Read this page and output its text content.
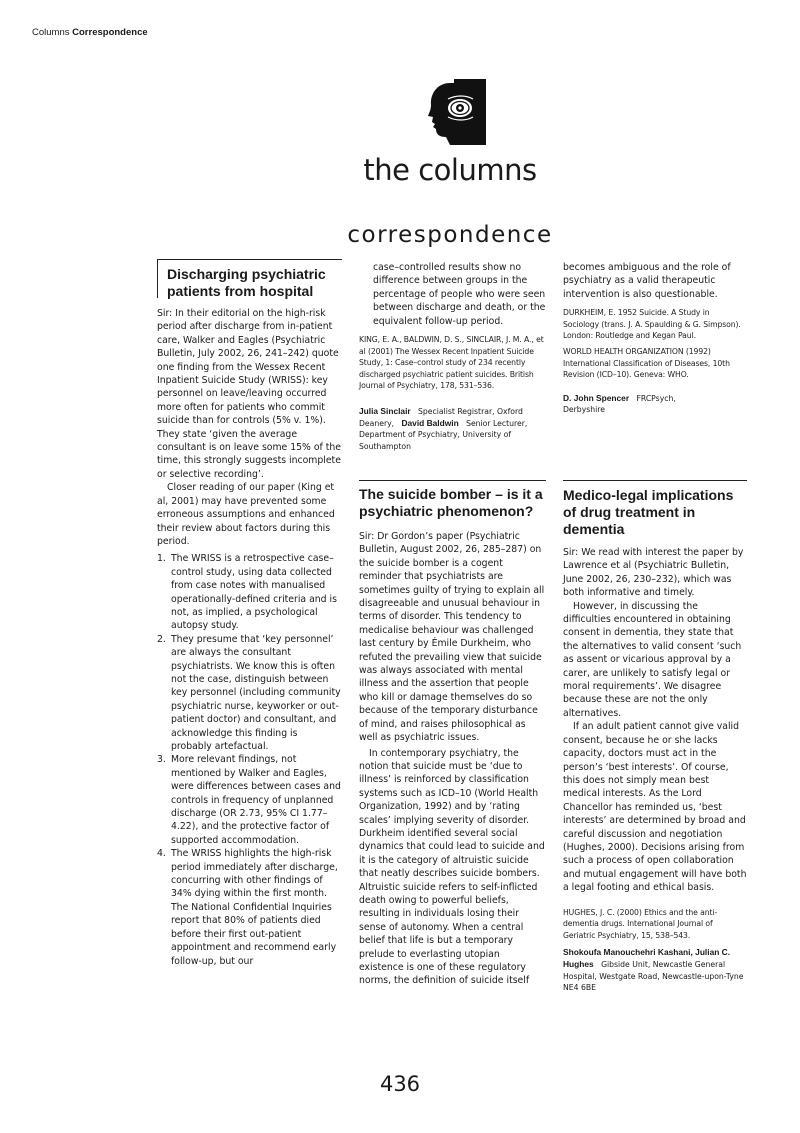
Columns Correspondence
the columns
correspondence
Discharging psychiatric patients from hospital

Sir: In their editorial on the high-risk period after discharge from in-patient care, Walker and Eagles (Psychiatric Bulletin, July 2002, 26, 241–242) quote one finding from the Wessex Recent Inpatient Suicide Study (WRISS): key personnel on leave/leaving occurred more often for patients who commit suicide than for controls (5% v. 1%). They state ‘given the average consultant is on leave some 15% of the time, this strongly suggests incomplete or selective recording’.

Closer reading of our paper (King et al, 2001) may have prevented some erroneous assumptions and enhanced their review about factors during this period.

1. The WRISS is a retrospective case–control study, using data collected from case notes with manualised operationally-defined criteria and is not, as implied, a psychological autopsy study.
2. They presume that ‘key personnel’ are always the consultant psychiatrists. We know this is often not the case, distinguish between key personnel (including community psychiatric nurse, keyworker or out-patient doctor) and consultant, and acknowledge this finding is probably artefactual.
3. More relevant findings, not mentioned by Walker and Eagles, were differences between cases and controls in frequency of unplanned discharge (OR 2.73, 95% CI 1.77–4.22), and the protective factor of supported accommodation.
4. The WRISS highlights the high-risk period immediately after discharge, concurring with other findings of 34% dying within the first month. The National Confidential Inquiries report that 80% of patients died before their first out-patient appointment and recommend early follow-up, but our

case–controlled results show no difference between groups in the percentage of people who were seen between discharge and death, or the equivalent follow-up period.

KING, E. A., BALDWIN, D. S., SINCLAIR, J. M. A., et al (2001) The Wessex Recent Inpatient Suicide Study, 1: Case–control study of 234 recently discharged psychiatric patient suicides. British Journal of Psychiatry, 178, 531–536.

Julia Sinclair Specialist Registrar, Oxford Deanery, David Baldwin Senior Lecturer, Department of Psychiatry, University of Southampton
The suicide bomber – is it a psychiatric phenomenon?

Sir: Dr Gordon’s paper (Psychiatric Bulletin, August 2002, 26, 285–287) on the suicide bomber is a cogent reminder that psychiatrists are sometimes guilty of trying to explain all disagreeable and unusual behaviour in terms of disorder. This tendency to medicalise behaviour was challenged last century by Émile Durkheim, who refuted the prevailing view that suicide was always associated with mental illness and the assertion that people who kill or damage themselves do so because of the temporary disturbance of mind, and raises philosophical as well as psychiatric issues.

In contemporary psychiatry, the notion that suicide must be ‘due to illness’ is reinforced by classification systems such as ICD–10 (World Health Organization, 1992) and by ‘rating scales’ implying severity of disorder. Durkheim identified several social dynamics that could lead to suicide and it is the category of altruistic suicide that neatly describes suicide bombers. Altruistic suicide refers to self-inflicted death owing to powerful beliefs, resulting in individuals losing their sense of autonomy. When a central belief that life is but a temporary prelude to everlasting utopian existence is one of these regulatory norms, the definition of suicide itself

becomes ambiguous and the role of psychiatry as a valid therapeutic intervention is also questionable.

DURKHEIM, E. 1952 Suicide. A Study in Sociology (trans. J. A. Spaulding & G. Simpson). London: Routledge and Kegan Paul.

WORLD HEALTH ORGANIZATION (1992) International Classification of Diseases, 10th Revision (ICD–10). Geneva: WHO.

D. John Spencer FRCPsych, Derbyshire
Medico-legal implications of drug treatment in dementia

Sir: We read with interest the paper by Lawrence et al (Psychiatric Bulletin, June 2002, 26, 230–232), which was both informative and timely.

However, in discussing the difficulties encountered in obtaining consent in dementia, they state that the alternatives to valid consent ‘such as assent or vicarious approval by a carer, are unlikely to satisfy legal or moral requirements’. We disagree because these are not the only alternatives.

If an adult patient cannot give valid consent, because he or she lacks capacity, doctors must act in the person’s ‘best interests’. Of course, this does not simply mean best medical interests. As the Lord Chancellor has reminded us, ‘best interests’ are determined by broad and careful discussion and negotiation (Hughes, 2000). Decisions arising from such a process of open collaboration and mutual engagement will have both a legal footing and ethical basis.

HUGHES, J. C. (2000) Ethics and the anti-dementia drugs. International Journal of Geriatric Psychiatry, 15, 538–543.

Shokoufa Manouchehri Kashani, Julian C. Hughes Gibside Unit, Newcastle General Hospital, Westgate Road, Newcastle-upon-Tyne NE4 6BE
436
